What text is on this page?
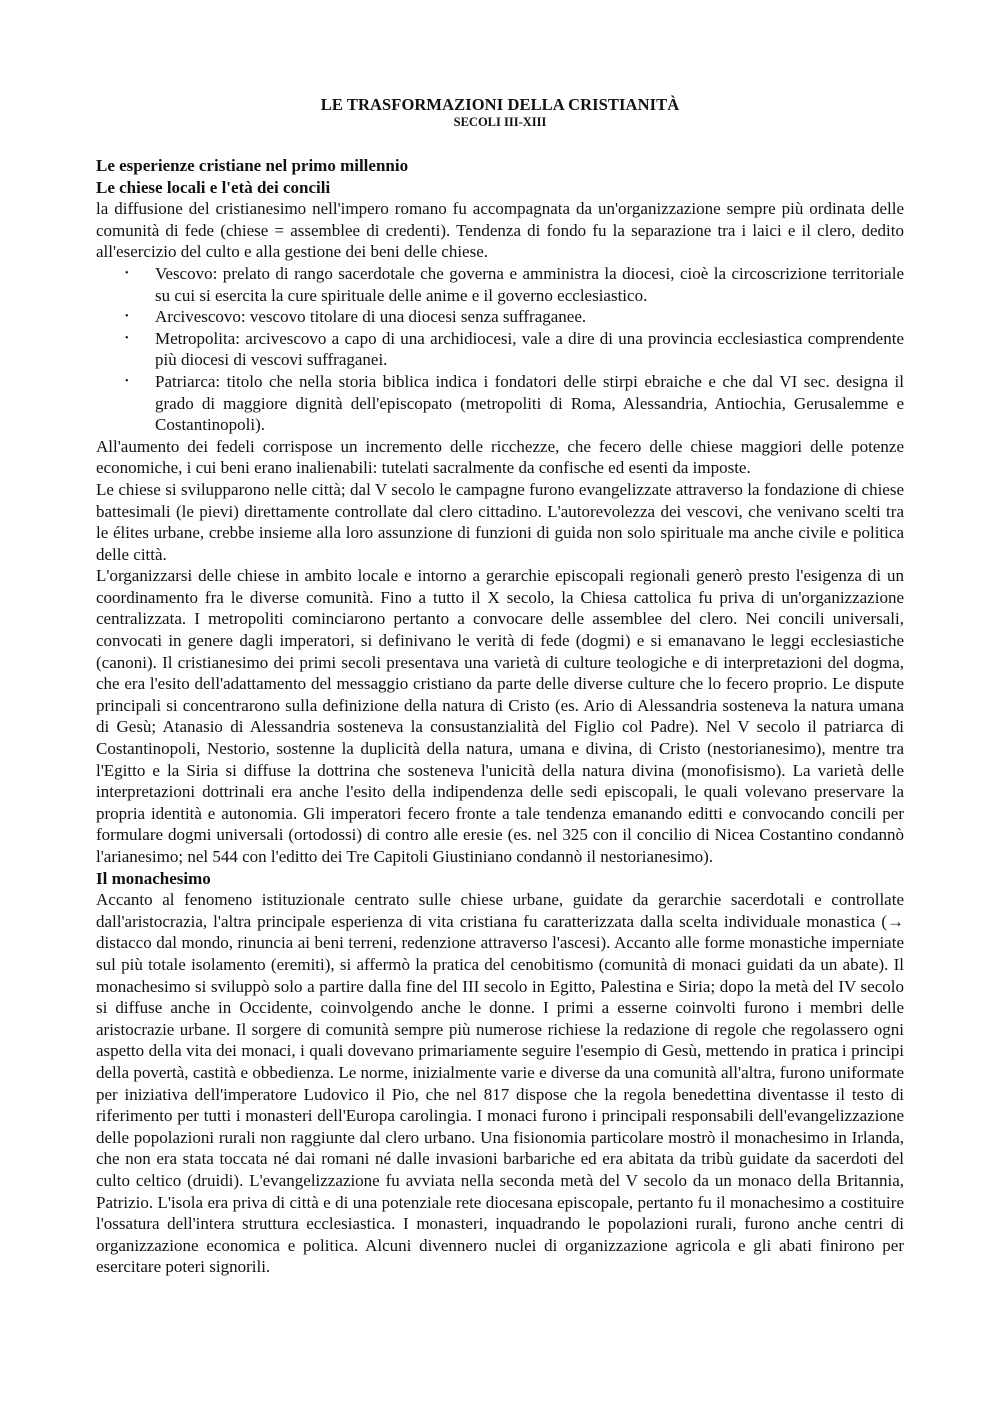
LE TRASFORMAZIONI DELLA CRISTIANITÀ

SECOLI III-XIII

Le esperienze cristiane nel primo millennio

Le chiese locali e l'età dei concili

la diffusione del cristianesimo nell'impero romano fu accompagnata da un'organizzazione sempre più ordinata delle comunità di fede (chiese = assemblee di credenti). Tendenza di fondo fu la separazione tra i laici e il clero, dedito all'esercizio del culto e alla gestione dei beni delle chiese.

• Vescovo: prelato di rango sacerdotale che governa e amministra la diocesi, cioè la circoscrizione territoriale su cui si esercita la cure spirituale delle anime e il governo ecclesiastico.
• Arcivescovo: vescovo titolare di una diocesi senza suffraganee.
• Metropolita: arcivescovo a capo di una archidiocesi, vale a dire di una provincia ecclesiastica comprendente più diocesi di vescovi suffraganei.
• Patriarca: titolo che nella storia biblica indica i fondatori delle stirpi ebraiche e che dal VI sec. designa il grado di maggiore dignità dell'episcopato (metropoliti di Roma, Alessandria, Antiochia, Gerusalemme e Costantinopoli).

All'aumento dei fedeli corrispose un incremento delle ricchezze, che fecero delle chiese maggiori delle potenze economiche, i cui beni erano inalienabili: tutelati sacralmente da confische ed esenti da imposte.

Le chiese si svilupparono nelle città; dal V secolo le campagne furono evangelizzate attraverso la fondazione di chiese battesimali (le pievi) direttamente controllate dal clero cittadino. L'autorevolezza dei vescovi, che venivano scelti tra le élites urbane, crebbe insieme alla loro assunzione di funzioni di guida non solo spirituale ma anche civile e politica delle città.

L'organizzarsi delle chiese in ambito locale e intorno a gerarchie episcopali regionali generò presto l'esigenza di un coordinamento fra le diverse comunità. Fino a tutto il X secolo, la Chiesa cattolica fu priva di un'organizzazione centralizzata. I metropoliti cominciarono pertanto a convocare delle assemblee del clero. Nei concili universali, convocati in genere dagli imperatori, si definivano le verità di fede (dogmi) e si emanavano le leggi ecclesiastiche (canoni). Il cristianesimo dei primi secoli presentava una varietà di culture teologiche e di interpretazioni del dogma, che era l'esito dell'adattamento del messaggio cristiano da parte delle diverse culture che lo fecero proprio. Le dispute principali si concentrarono sulla definizione della natura di Cristo (es. Ario di Alessandria sosteneva la natura umana di Gesù; Atanasio di Alessandria sosteneva la consustanzialità del Figlio col Padre). Nel V secolo il patriarca di Costantinopoli, Nestorio, sostenne la duplicità della natura, umana e divina, di Cristo (nestorianesimo), mentre tra l'Egitto e la Siria si diffuse la dottrina che sosteneva l'unicità della natura divina (monofisismo). La varietà delle interpretazioni dottrinali era anche l'esito della indipendenza delle sedi episcopali, le quali volevano preservare la propria identità e autonomia. Gli imperatori fecero fronte a tale tendenza emanando editti e convocando concili per formulare dogmi universali (ortodossi) di contro alle eresie (es. nel 325 con il concilio di Nicea Costantino condannò l'arianesimo; nel 544 con l'editto dei Tre Capitoli Giustiniano condannò il nestorianesimo).

Il monachesimo

Accanto al fenomeno istituzionale centrato sulle chiese urbane, guidate da gerarchie sacerdotali e controllate dall'aristocrazia, l'altra principale esperienza di vita cristiana fu caratterizzata dalla scelta individuale monastica (→ distacco dal mondo, rinuncia ai beni terreni, redenzione attraverso l'ascesi). Accanto alle forme monastiche imperniate sul più totale isolamento (eremiti), si affermò la pratica del cenobitismo (comunità di monaci guidati da un abate). Il monachesimo si sviluppò solo a partire dalla fine del III secolo in Egitto, Palestina e Siria; dopo la metà del IV secolo si diffuse anche in Occidente, coinvolgendo anche le donne. I primi a esserne coinvolti furono i membri delle aristocrazie urbane. Il sorgere di comunità sempre più numerose richiese la redazione di regole che regolassero ogni aspetto della vita dei monaci, i quali dovevano primariamente seguire l'esempio di Gesù, mettendo in pratica i principi della povertà, castità e obbedienza. Le norme, inizialmente varie e diverse da una comunità all'altra, furono uniformate per iniziativa dell'imperatore Ludovico il Pio, che nel 817 dispose che la regola benedettina diventasse il testo di riferimento per tutti i monasteri dell'Europa carolingia. I monaci furono i principali responsabili dell'evangelizzazione delle popolazioni rurali non raggiunte dal clero urbano. Una fisionomia particolare mostrò il monachesimo in Irlanda, che non era stata toccata né dai romani né dalle invasioni barbariche ed era abitata da tribù guidate da sacerdoti del culto celtico (druidi). L'evangelizzazione fu avviata nella seconda metà del V secolo da un monaco della Britannia, Patrizio. L'isola era priva di città e di una potenziale rete diocesana episcopale, pertanto fu il monachesimo a costituire l'ossatura dell'intera struttura ecclesiastica. I monasteri, inquadrando le popolazioni rurali, furono anche centri di organizzazione economica e politica. Alcuni divennero nuclei di organizzazione agricola e gli abati finirono per esercitare poteri signorili.
